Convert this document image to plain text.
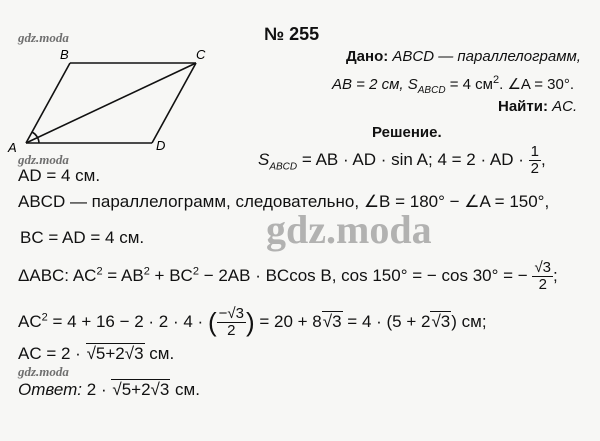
gdz.moda
gdz.moda
gdz.moda
gdz.moda
№ 255
A
B	C
D
Дано: ABCD — параллелограмм,
AB = 2 см, $S_{ABCD} = 4$ $см^2$. ∠A = 30°.
Найти: AC.
Решение.
$S_{ABCD}$ = AB · AD · sin A; 4 = 2 · AD · $\frac{1}{2}$ ,
AD = 4 см.
ABCD — параллелограмм, следовательно, ∠B = 180° − ∠A = 150°,
BC = AD = 4 см.
ΔABC: $AC^2 = AB^2 + BC^2 - 2AB \cdot BCcos$ B, cos 150° = − cos 30° = − $\frac{√3}{2}$ ;
$AC^2 = 4 + 16 - 2 \cdot 2 \cdot 4$ · ( $\frac{-√3}{2}$ ) = 20 + 8√3 = 4 · (5 + 2√3) см;
AC = 2 · √5+2√3 см.
Ответ: 2 · √5+2√3 см.
